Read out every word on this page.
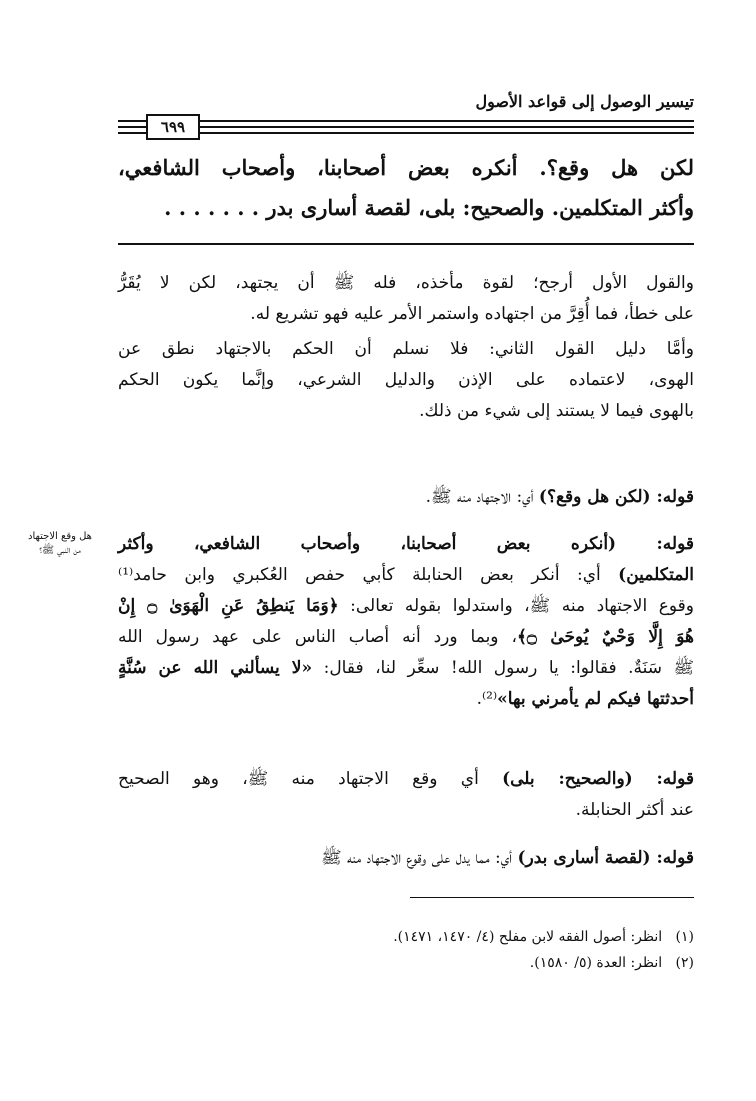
تيسير الوصول إلى قواعد الأصول
٦٩٩
لكن هل وقع؟. أنكره بعض أصحابنا، وأصحاب الشافعي،
وأكثر المتكلمين. والصحيح: بلى، لقصة أسارى بدر . . . . . . .
والقول الأول أرجح؛ لقوة مأخذه، فله ﷺ أن يجتهد، لكن لا يُقَرُّ
على خطأ، فما أُقِرَّ من اجتهاده واستمر الأمر عليه فهو تشريع له.
وأمَّا دليل القول الثاني: فلا نسلم أن الحكم بالاجتهاد نطق عن
الهوى، لاعتماده على الإذن والدليل الشرعي، وإنَّما يكون الحكم
بالهوى فيما لا يستند إلى شيء من ذلك.
قوله: (لكن هل وقع؟) أي: الاجتهاد منه ﷺ.
هل وقع الاجتهاد
من النبي ﷺ؟	قوله: (أنكره بعض أصحابنا، وأصحاب الشافعي، وأكثر
المتكلمين) أي: أنكر بعض الحنابلة كأبي حفص العُكبري وابن حامد⁽¹⁾
وقوع الاجتهاد منه ﷺ، واستدلوا بقوله تعالى: ﴿وَمَا يَنطِقُ عَنِ الْهَوَىٰ ۝ إِنْ
هُوَ إِلَّا وَحْيٌ يُوحَىٰ ۝﴾، وبما ورد أنه أصاب الناس على عهد رسول الله
ﷺ سَنَةٌ. فقالوا: يا رسول الله! سعِّر لنا، فقال: «لا يسألني الله عن سُنَّةٍ
أحدثتها فيكم لم يأمرني بها»⁽²⁾.
قوله: (والصحيح: بلى) أي وقع الاجتهاد منه ﷺ، وهو الصحيح
عند أكثر الحنابلة.
قوله: (لقصة أسارى بدر) أي: مما يدل على وقوع الاجتهاد منه ﷺ
(١)   انظر: أصول الفقه لابن مفلح (٤/ ١٤٧٠، ١٤٧١).
(٢)   انظر: العدة (٥/ ١٥٨٠).
